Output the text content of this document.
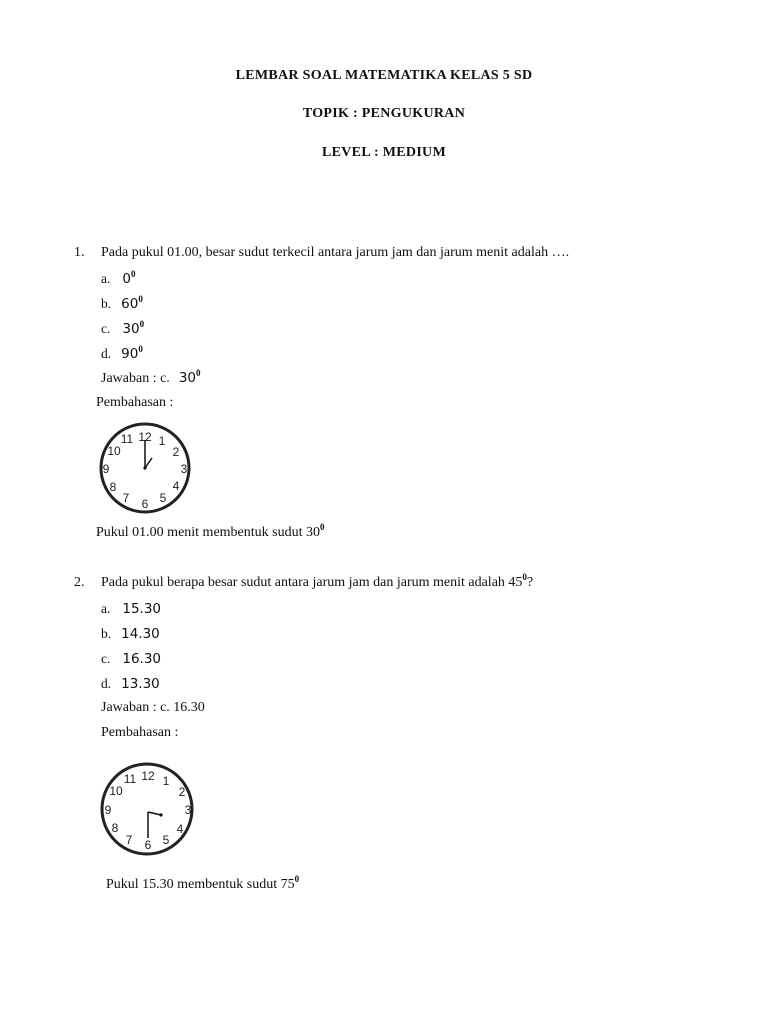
LEMBAR SOAL MATEMATIKA KELAS 5 SD
TOPIK : PENGUKURAN
LEVEL : MEDIUM
1. Pada pukul 01.00, besar sudut terkecil antara jarum jam dan jarum menit adalah ….
a. $0^0$
b. $60^0$
c. $30^0$
d. $90^0$
Jawaban : c. $30^0$
Pembahasan :
12 1
2
3
4
5
6
7
8
9
10
11
Pukul 01.00 menit membentuk sudut $30^0$
2. Pada pukul berapa besar sudut antara jarum jam dan jarum menit adalah $45^0$?
a. 15.30
b. 14.30
c. 16.30
d. 13.30
Jawaban : c. 16.30
Pembahasan :
12 1
2
3
4
5
6
7
8
9
10
11
Pukul 15.30 membentuk sudut $75^0$
